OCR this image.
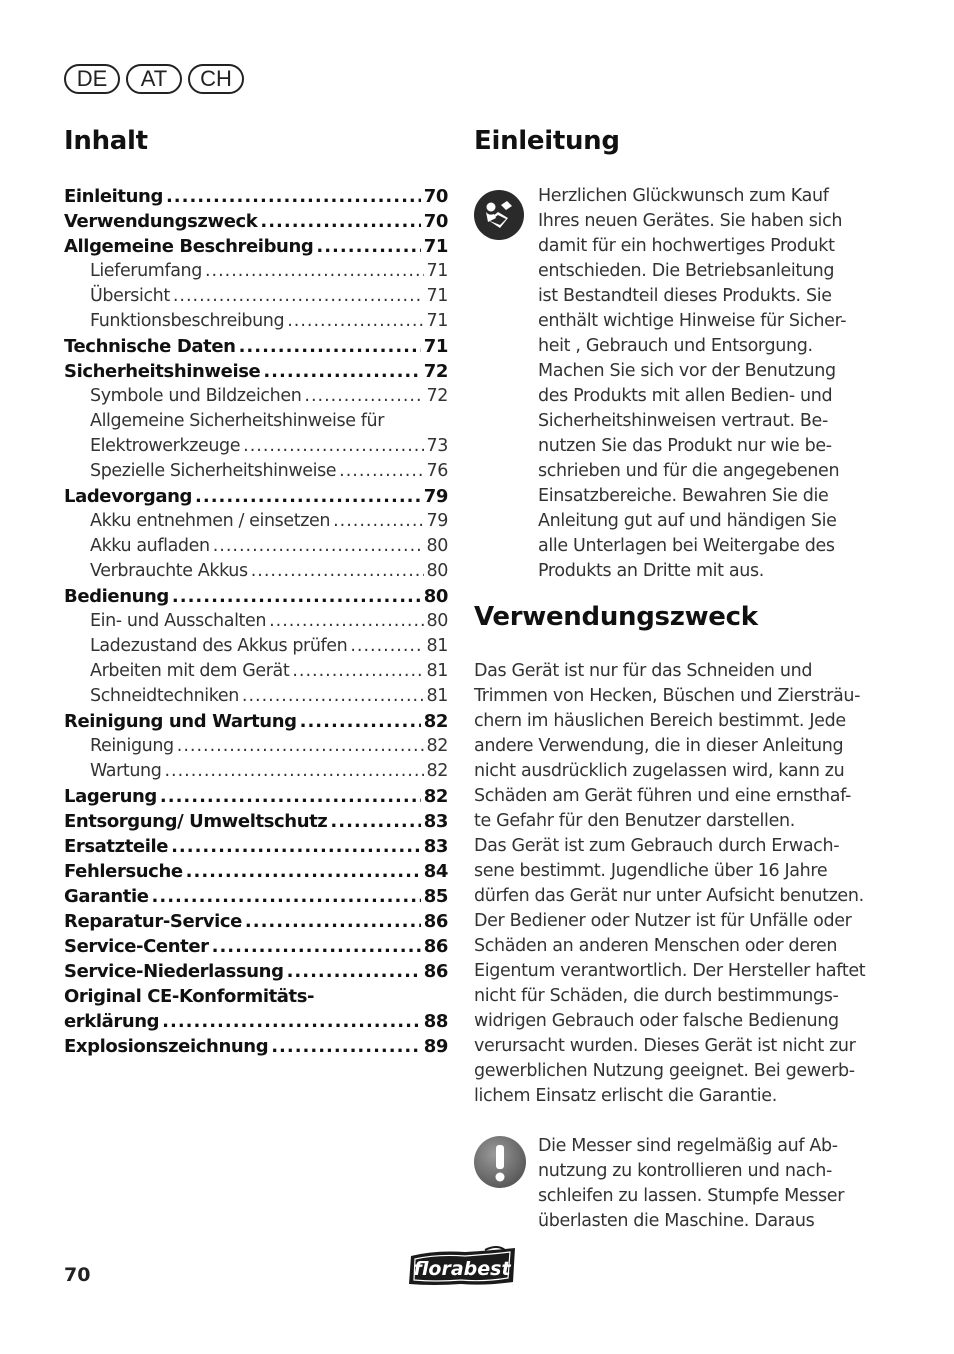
DE	AT	CH
Inhalt
Einleitung .....	70
Verwendungszweck .....	70
Allgemeine Beschreibung .....	71
Lieferumfang .....	71
Übersicht .....	71
Funktionsbeschreibung .....	71
Technische Daten .....	71
Sicherheitshinweise .....	72
Symbole und Bildzeichen .....	72
Allgemeine Sicherheitshinweise für
Elektrowerkzeuge .....	73
Spezielle Sicherheitshinweise .....	76
Ladevorgang .....	79
Akku entnehmen / einsetzen .....	79
Akku aufladen .....	80
Verbrauchte Akkus .....	80
Bedienung .....	80
Ein- und Ausschalten .....	80
Ladezustand des Akkus prüfen .....	81
Arbeiten mit dem Gerät .....	81
Schneidtechniken .....	81
Reinigung und Wartung .....	82
Reinigung .....	82
Wartung .....	82
Lagerung .....	82
Entsorgung/ Umweltschutz .....	83
Ersatzteile .....	83
Fehlersuche .....	84
Garantie .....	85
Reparatur-Service .....	86
Service-Center .....	86
Service-Niederlassung .....	86
Original CE-Konformitäts-
erklärung .....	88
Explosionszeichnung .....	89
Einleitung
Herzlichen Glückwunsch zum Kauf
Ihres neuen Gerätes. Sie haben sich
damit für ein hochwertiges Produkt
entschieden. Die Betriebsanleitung
ist Bestandteil dieses Produkts. Sie
enthält wichtige Hinweise für Sicher-
heit , Gebrauch und Entsorgung.
Machen Sie sich vor der Benutzung
des Produkts mit allen Bedien- und
Sicherheitshinweisen vertraut. Be-
nutzen Sie das Produkt nur wie be-
schrieben und für die angegebenen
Einsatzbereiche. Bewahren Sie die
Anleitung gut auf und händigen Sie
alle Unterlagen bei Weitergabe des
Produkts an Dritte mit aus.
Verwendungszweck
Das Gerät ist nur für das Schneiden und
Trimmen von Hecken, Büschen und Ziersträu-
chern im häuslichen Bereich bestimmt. Jede
andere Verwendung, die in dieser Anleitung
nicht ausdrücklich zugelassen wird, kann zu
Schäden am Gerät führen und eine ernsthaf-
te Gefahr für den Benutzer darstellen.
Das Gerät ist zum Gebrauch durch Erwach-
sene bestimmt. Jugendliche über 16 Jahre
dürfen das Gerät nur unter Aufsicht benutzen.
Der Bediener oder Nutzer ist für Unfälle oder
Schäden an anderen Menschen oder deren
Eigentum verantwortlich. Der Hersteller haftet
nicht für Schäden, die durch bestimmungs-
widrigen Gebrauch oder falsche Bedienung
verursacht wurden. Dieses Gerät ist nicht zur
gewerblichen Nutzung geeignet. Bei gewerb-
lichem Einsatz erlischt die Garantie.
Die Messer sind regelmäßig auf Ab-
nutzung zu kontrollieren und nach-
schleifen zu lassen. Stumpfe Messer
überlasten die Maschine. Daraus
70	florabest
